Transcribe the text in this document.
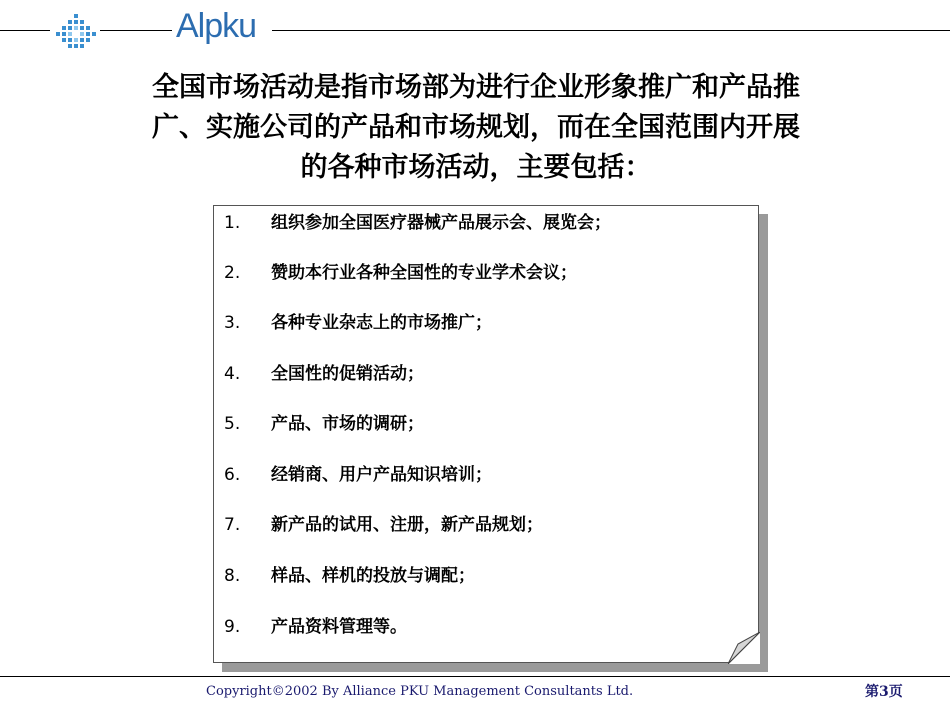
Alpku
全国市场活动是指市场部为进行企业形象推广和产品推
广、实施公司的产品和市场规划，而在全国范围内开展
的各种市场活动，主要包括：
1.	组织参加全国医疗器械产品展示会、展览会；
2.	赞助本行业各种全国性的专业学术会议；
3.	各种专业杂志上的市场推广；
4.	全国性的促销活动；
5.	产品、市场的调研；
6.	经销商、用户产品知识培训；
7.	新产品的试用、注册，新产品规划；
8.	样品、样机的投放与调配；
9.	产品资料管理等。
Copyright©2002 By Alliance PKU Management Consultants Ltd.	第3页
